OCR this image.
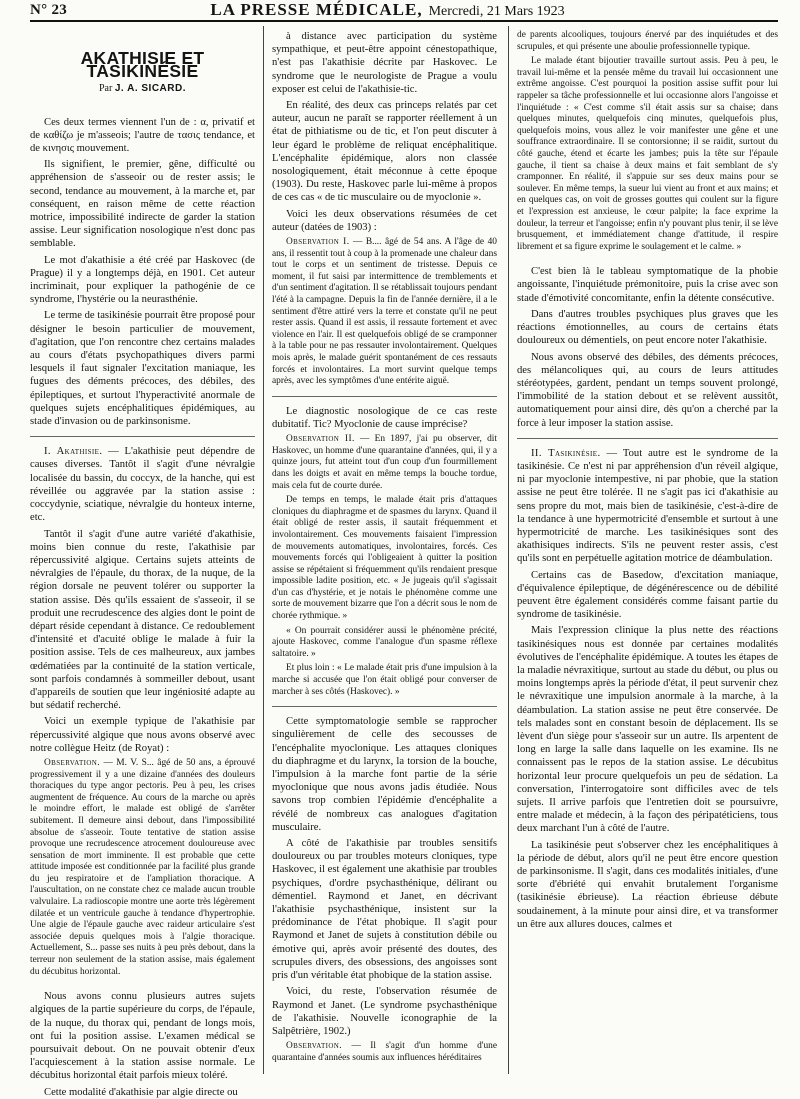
N° 23	LA PRESSE MÉDICALE, Mercredi, 21 Mars 1923
AKATHISIE ET TASIKINÉSIE
Par J. A. SICARD.

Ces deux termes viennent l'un de : α, privatif et de καθίζω je m'asseois; l'autre de τασις tendance, et de κινησις mouvement.

Ils signifient, le premier, gêne, difficulté ou appréhension de s'asseoir ou de rester assis; le second, tendance au mouvement, à la marche et, par conséquent, en raison même de cette réaction motrice, impossibilité indirecte de garder la station assise. Leur signification nosologique n'est donc pas semblable.

Le mot d'akathisie a été créé par Haskovec (de Prague) il y a longtemps déjà, en 1901. Cet auteur incriminait, pour expliquer la pathogénie de ce syndrome, l'hystérie ou la neurasthénie.

Le terme de tasikinésie pourrait être proposé pour désigner le besoin particulier de mouvement, d'agitation, que l'on rencontre chez certains malades au cours d'états psychopathiques divers parmi lesquels il faut signaler l'excitation maniaque, les fugues des déments précoces, des débiles, des épileptiques, et surtout l'hyperactivité anormale de quelques sujets encéphalitiques épidémiques, au stade d'invasion ou de parkinsonisme.

I. Akathisie. — L'akathisie peut dépendre de causes diverses. Tantôt il s'agit d'une névralgie localisée du bassin, du coccyx, de la hanche, qui est réveillée ou aggravée par la station assise : coccydynie, sciatique, névralgie du honteux interne, etc.

Tantôt il s'agit d'une autre variété d'akathisie, moins bien connue du reste, l'akathisie par répercussivité algique. Certains sujets atteints de névralgies de l'épaule, du thorax, de la nuque, de la région dorsale ne peuvent tolérer ou supporter la station assise. Dès qu'ils essaient de s'asseoir, il se produit une recrudescence des algies dont le point de départ réside cependant à distance. Ce redoublement d'intensité et d'acuité oblige le malade à fuir la position assise. Tels de ces malheureux, aux jambes œdématiées par la continuité de la station verticale, sont parfois condamnés à sommeiller debout, usant d'appareils de soutien que leur ingéniosité adapte au but sédatif recherché.

Voici un exemple typique de l'akathisie par répercussivité algique que nous avons observé avec notre collègue Heitz (de Royat) :

Observation. — M. V. S... âgé de 50 ans, a éprouvé progressivement il y a une dizaine d'années des douleurs thoraciques du type angor pectoris. Peu à peu, les crises augmentent de fréquence. Au cours de la marche ou après le moindre effort, le malade est obligé de s'arrêter subitement. Il demeure ainsi debout, dans l'impossibilité absolue de s'asseoir. Toute tentative de station assise provoque une recrudescence atrocement douloureuse avec sensation de mort imminente. Il est probable que cette attitude imposée est conditionnée par la facilité plus grande du jeu respiratoire et de l'ampliation thoracique. A l'auscultation, on ne constate chez ce malade aucun trouble valvulaire. La radioscopie montre une aorte très légèrement dilatée et un ventricule gauche à tendance d'hypertrophie. Une algie de l'épaule gauche avec raideur articulaire s'est associée depuis quelques mois à l'algie thoracique. Actuellement, S... passe ses nuits à peu près debout, dans la terreur non seulement de la station assise, mais également du décubitus horizontal.

Nous avons connu plusieurs autres sujets algiques de la partie supérieure du corps, de l'épaule, de la nuque, du thorax qui, pendant de longs mois, ont fui la position assise. L'examen médical se poursuivait debout. On ne pouvait obtenir d'eux l'acquiescement à la station assise normale. Le décubitus horizontal était parfois mieux toléré.

Cette modalité d'akathisie par algie directe ou

à distance avec participation du système sympathique, et peut-être appoint cénestopathique, n'est pas l'akathisie décrite par Haskovec. Le syndrome que le neurologiste de Prague a voulu exposer est celui de l'akathisie-tic.

En réalité, des deux cas princeps relatés par cet auteur, aucun ne paraît se rapporter réellement à un état de pithiatisme ou de tic, et l'on peut discuter à leur égard le problème de reliquat encéphalitique. L'encéphalite épidémique, alors non classée nosologiquement, était méconnue à cette époque (1903). Du reste, Haskovec parle lui-même à propos de ces cas « de tic musculaire ou de myoclonie ».

Voici les deux observations résumées de cet auteur (datées de 1903) :

Observation I. — B.... âgé de 54 ans. A l'âge de 40 ans, il ressentit tout à coup à la promenade une chaleur dans tout le corps et un sentiment de tristesse. Depuis ce moment, il fut saisi par intermittence de tremblements et d'un sentiment d'agitation. Il se rétablissait toujours pendant l'été à la campagne. Depuis la fin de l'année dernière, il a le sentiment d'être attiré vers la terre et constate qu'il ne peut rester assis. Quand il est assis, il ressaute fortement et avec violence en l'air. Il est quelquefois obligé de se cramponner à la table pour ne pas ressauter involontairement. Quelques mois après, le malade guérit spontanément de ces ressauts forcés et involontaires. La mort survint quelque temps après, avec les symptômes d'une entérite aiguë.

Le diagnostic nosologique de ce cas reste dubitatif. Tic? Myoclonie de cause imprécise?

Observation II. — En 1897, j'ai pu observer, dit Haskovec, un homme d'une quarantaine d'années, qui, il y a quinze jours, fut atteint tout d'un coup d'un fourmillement dans les doigts et avait en même temps la bouche tordue, mais cela fut de courte durée.

De temps en temps, le malade était pris d'attaques cloniques du diaphragme et de spasmes du larynx. Quand il était obligé de rester assis, il sautait fréquemment et involontairement. Ces mouvements faisaient l'impression de mouvements automatiques, involontaires, forcés. Ces mouvements forcés qui l'obligeaient à quitter la position assise se répétaient si fréquemment qu'ils rendaient presque impossible ladite position, etc. « Je jugeais qu'il s'agissait d'un cas d'hystérie, et je notais le phénomène comme une sorte de mouvement bizarre que l'on a décrit sous le nom de chorée rythmique. »

« On pourrait considérer aussi le phénomène précité, ajoute Haskovec, comme l'analogue d'un spasme réflexe saltatoire. »

Et plus loin : « Le malade était pris d'une impulsion à la marche si accusée que l'on était obligé pour converser de marcher à ses côtés (Haskovec). »

Cette symptomatologie semble se rapprocher singulièrement de celle des secousses de l'encéphalite myoclonique. Les attaques cloniques du diaphragme et du larynx, la torsion de la bouche, l'impulsion à la marche font partie de la série myoclonique que nous avons jadis étudiée. Nous savons trop combien l'épidémie d'encéphalite a révélé de nombreux cas analogues d'agitation musculaire.

A côté de l'akathisie par troubles sensitifs douloureux ou par troubles moteurs cloniques, type Haskovec, il est également une akathisie par troubles psychiques, d'ordre psychasthénique, délirant ou démentiel. Raymond et Janet, en décrivant l'akathisie psychasthénique, insistent sur la prédominance de l'état phobique. Il s'agit pour Raymond et Janet de sujets à constitution débile ou émotive qui, après avoir présenté des doutes, des scrupules divers, des obsessions, des angoisses sont pris d'un véritable état phobique de la station assise.

Voici, du reste, l'observation résumée de Raymond et Janet. (Le syndrome psychasthénique de l'akathisie. Nouvelle iconographie de la Salpêtrière, 1902.)

Observation. — Il s'agit d'un homme d'une quarantaine d'années soumis aux influences héréditaires

de parents alcooliques, toujours énervé par des inquiétudes et des scrupules, et qui présente une aboulie professionnelle typique.

Le malade étant bijoutier travaille surtout assis. Peu à peu, le travail lui-même et la pensée même du travail lui occasionnent une extrême angoisse. C'est pourquoi la position assise suffit pour lui rappeler sa tâche professionnelle et lui occasionne alors l'angoisse et l'inquiétude : « C'est comme s'il était assis sur sa chaise; dans quelques minutes, quelquefois cinq minutes, quelquefois plus, quelquefois moins, vous allez le voir manifester une gêne et une souffrance extraordinaire. Il se contorsionne; il se raidit, surtout du côté gauche, étend et écarte les jambes; puis la tête sur l'épaule gauche, il tient sa chaise à deux mains et fait semblant de s'y cramponner. En réalité, il s'appuie sur ses deux mains pour se soulever. En même temps, la sueur lui vient au front et aux mains; et en quelques cas, on voit de grosses gouttes qui coulent sur la figure et l'expression est anxieuse, le cœur palpite; la face exprime la douleur, la terreur et l'angoisse; enfin n'y pouvant plus tenir, il se lève brusquement, et immédiatement change d'attitude, il respire librement et sa figure exprime le soulagement et le calme. »

C'est bien là le tableau symptomatique de la phobie angoissante, l'inquiétude prémonitoire, puis la crise avec son stade d'émotivité concomitante, enfin la détente consécutive.

Dans d'autres troubles psychiques plus graves que les réactions émotionnelles, au cours de certains états douloureux ou démentiels, on peut encore noter l'akathisie.

Nous avons observé des débiles, des déments précoces, des mélancoliques qui, au cours de leurs attitudes stéréotypées, gardent, pendant un temps souvent prolongé, l'immobilité de la station debout et se relèvent aussitôt, automatiquement pour ainsi dire, dès qu'on a cherché par la force à leur imposer la station assise.

II. Tasikinésie. — Tout autre est le syndrome de la tasikinésie. Ce n'est ni par appréhension d'un réveil algique, ni par myoclonie intempestive, ni par phobie, que la station assise ne peut être tolérée. Il ne s'agit pas ici d'akathisie au sens propre du mot, mais bien de tasikinésie, c'est-à-dire de la tendance à une hypermotricité d'ensemble et surtout à une hypermotricité de marche. Les tasikinésiques sont des akathisiques indirects. S'ils ne peuvent rester assis, c'est qu'ils sont en perpétuelle agitation motrice de déambulation.

Certains cas de Basedow, d'excitation maniaque, d'équivalence épileptique, de dégénérescence ou de débilité peuvent être également considérés comme faisant partie du syndrome de tasikinésie.

Mais l'expression clinique la plus nette des réactions tasikinésiques nous est donnée par certaines modalités évolutives de l'encéphalite épidémique. A toutes les étapes de la maladie névraxitique, surtout au stade du début, ou plus ou moins longtemps après la période d'état, il peut survenir chez le névraxitique une impulsion anormale à la marche, à la déambulation. La station assise ne peut être conservée. De tels malades sont en constant besoin de déplacement. Ils se lèvent d'un siège pour s'asseoir sur un autre. Ils arpentent de long en large la salle dans laquelle on les examine. Ils ne connaissent pas le repos de la station assise. Le décubitus horizontal leur procure quelquefois un peu de sédation. La conversation, l'interrogatoire sont difficiles avec de tels sujets. Il arrive parfois que l'entretien doit se poursuivre, entre malade et médecin, à la façon des péripatéticiens, tous deux marchant l'un à côté de l'autre.

La tasikinésie peut s'observer chez les encéphalitiques à la période de début, alors qu'il ne peut être encore question de parkinsonisme. Il s'agit, dans ces modalités initiales, d'une sorte d'ébriété qui envahit brutalement l'organisme (tasikinésie ébrieuse). La réaction ébrieuse débute soudainement, à la minute pour ainsi dire, et va transformer un être aux allures douces, calmes et
